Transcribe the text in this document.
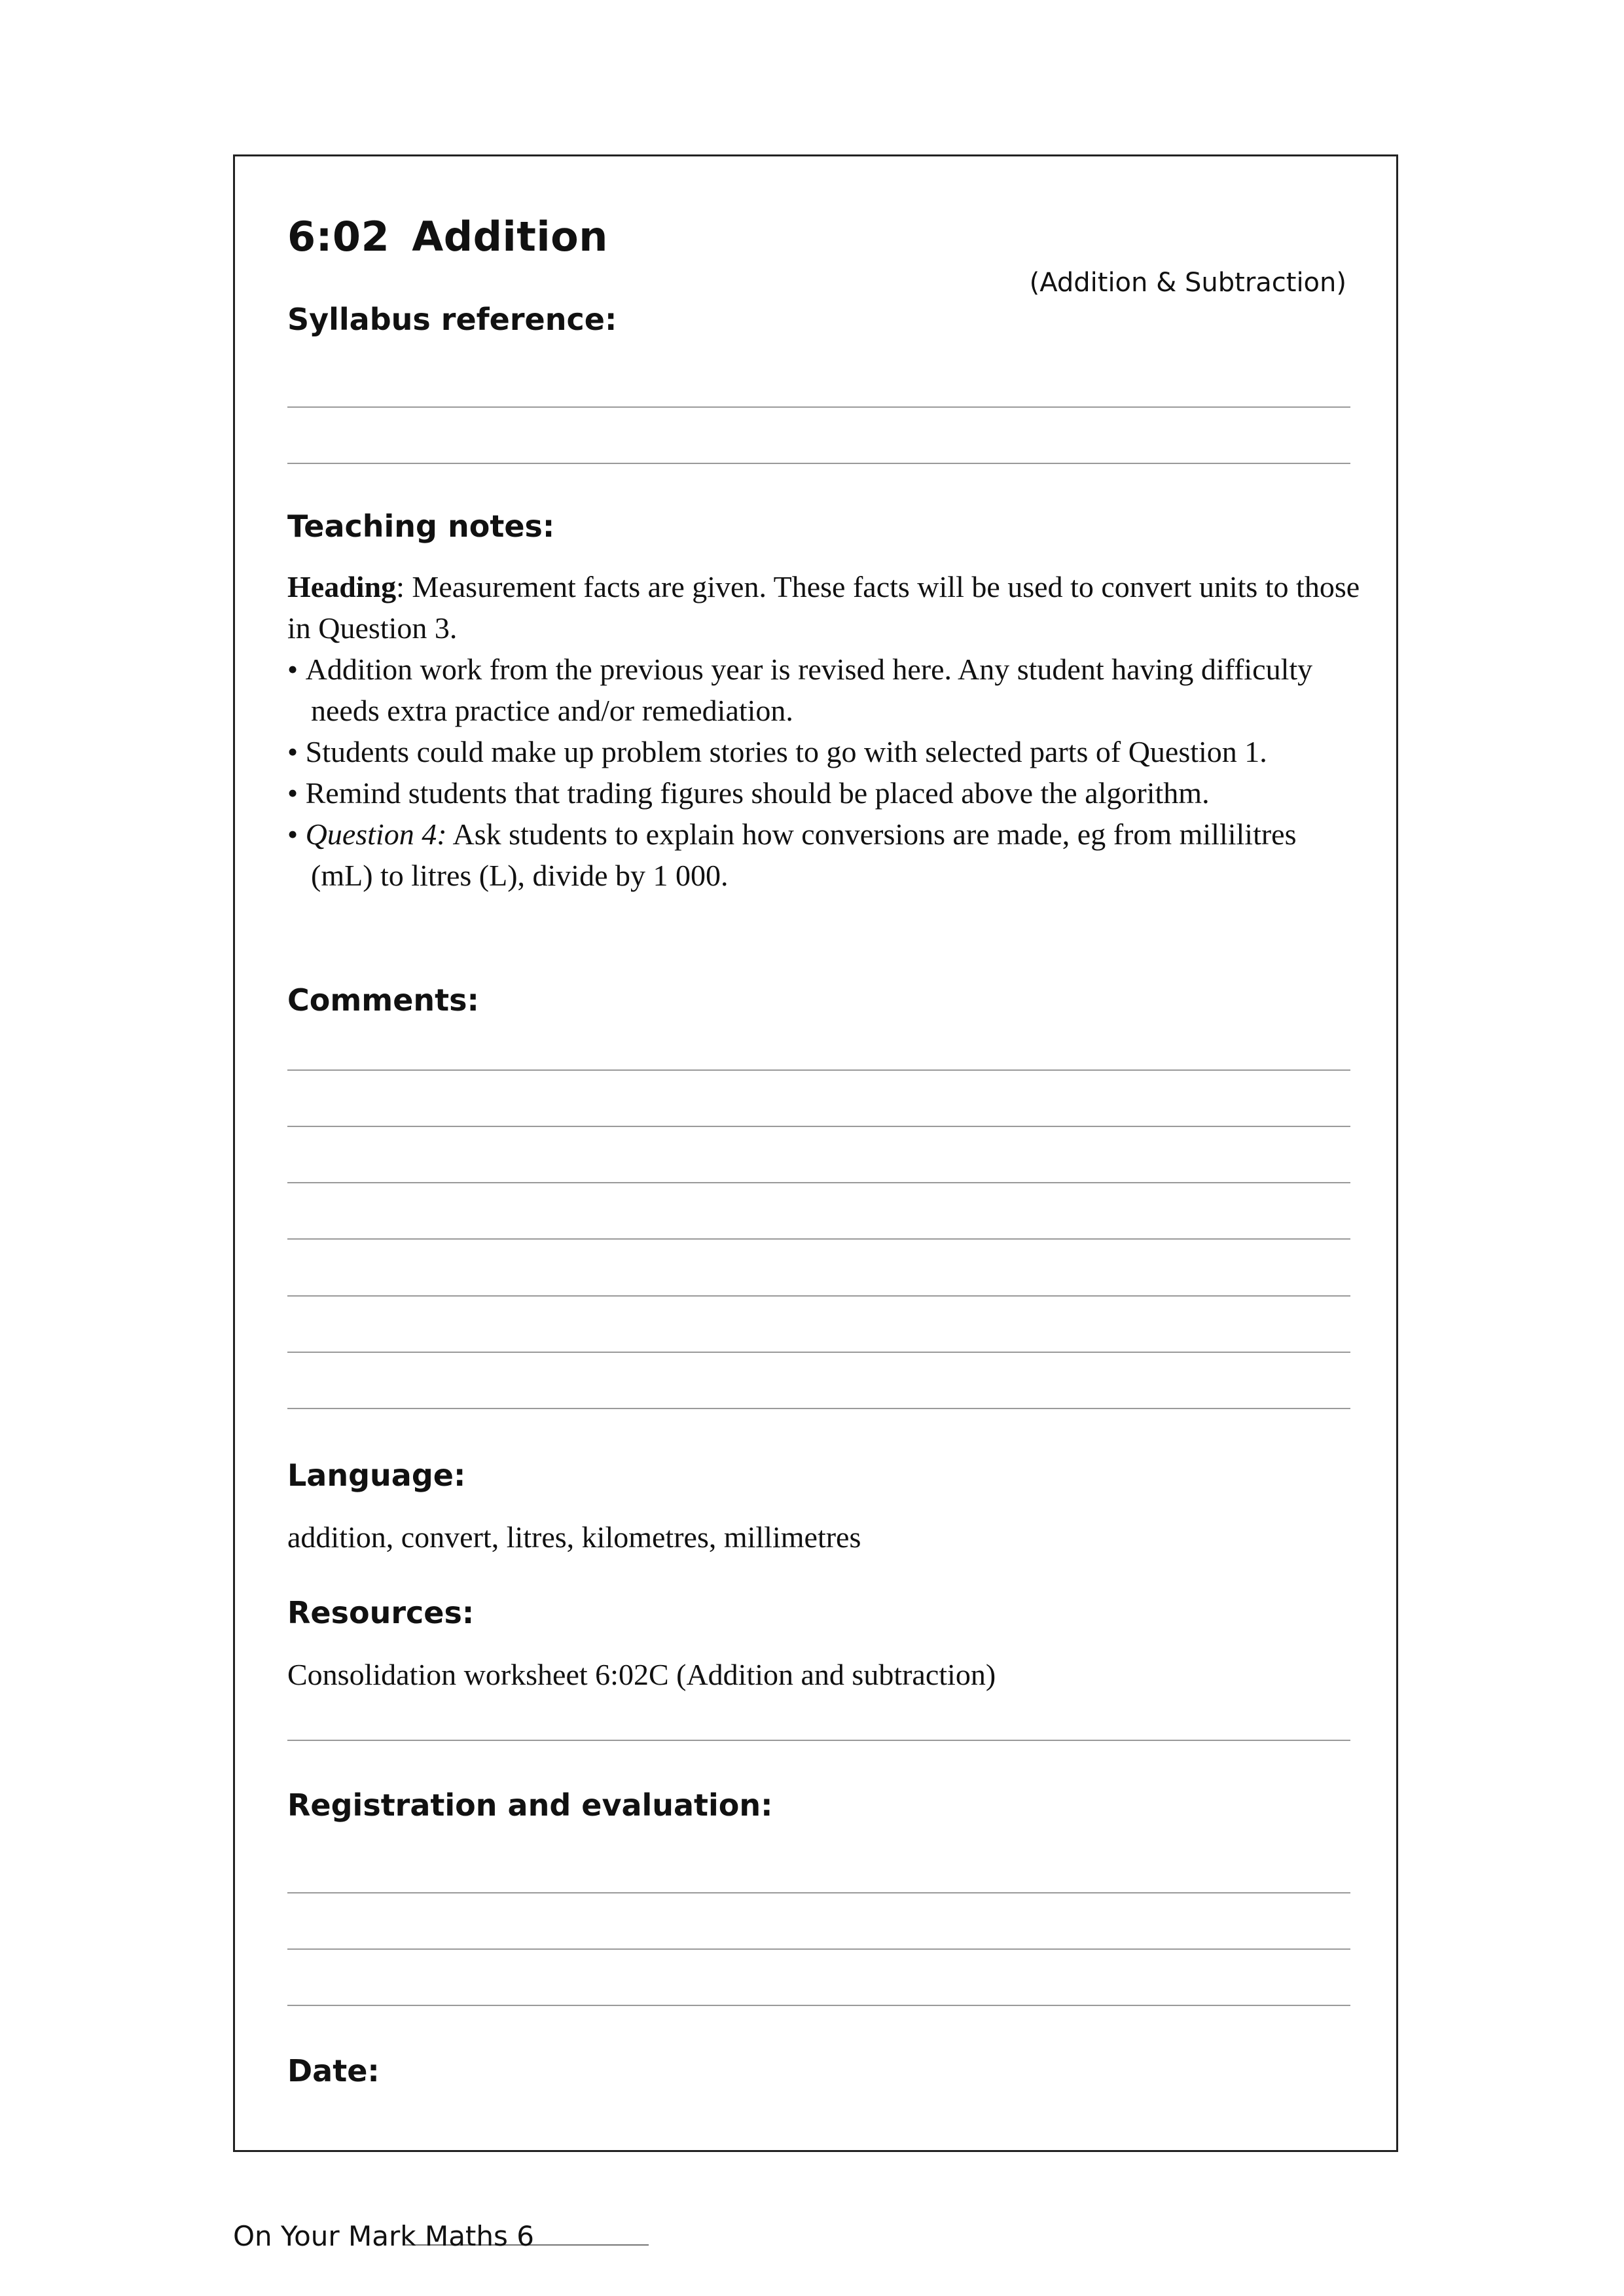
6:02 Addition
(Addition & Subtraction)
Syllabus reference:
Teaching notes:

Heading: Measurement facts are given. These facts will be used to convert units to those in Question 3.

• Addition work from the previous year is revised here. Any student having difficulty needs extra practice and/or remediation.

• Students could make up problem stories to go with selected parts of Question 1.

• Remind students that trading figures should be placed above the algorithm.

• Question 4: Ask students to explain how conversions are made, eg from millilitres (mL) to litres (L), divide by 1 000.

Comments:
Language:
addition, convert, litres, kilometres, millimetres
Resources:
Consolidation worksheet 6:02C (Addition and subtraction)
Registration and evaluation:
Date:
On Your Mark Maths 6
